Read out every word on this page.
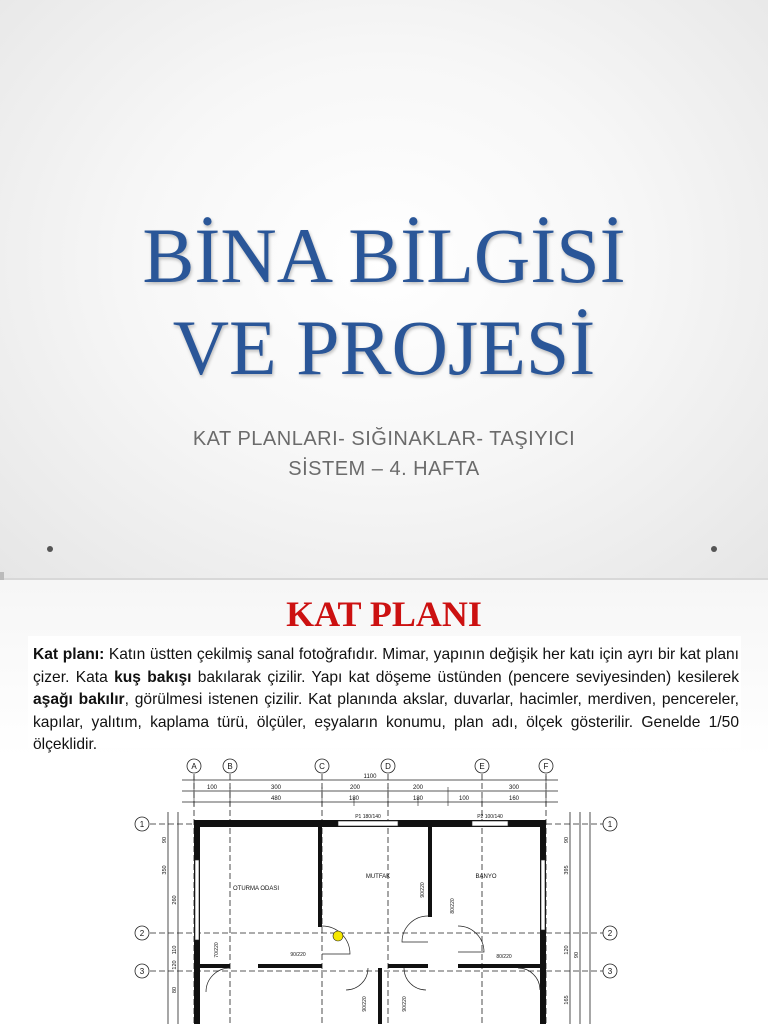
BİNA BİLGİSİ
VE PROJESİ
KAT PLANLARI- SIĞINAKLAR- TAŞIYICI
SİSTEM – 4. HAFTA
KAT PLANI
Kat planı: Katın üstten çekilmiş sanal fotoğrafıdır. Mimar, yapının değişik her katı için ayrı bir kat planı çizer. Kata kuş bakışı bakılarak çizilir. Yapı kat döşeme üstünden (pencere seviyesinden) kesilerek aşağı bakılır, görülmesi istenen çizilir. Kat planında akslar, duvarlar, hacimler, merdiven, pencereler, kapılar, yalıtım, kaplama türü, ölçüler, eşyaların konumu, plan adı, ölçek gösterilir. Genelde 1/50 ölçeklidir.
A	B	C	D	E	F
1	1
2	2
3	3
1100
100	300	200	200	300
480	180	180	100	160
P1 180/140	P2 100/140
OTURMA ODASI
MUTFAK	BANYO
90/220
90/220
80/220
90/220
70/220
90/220
80/220
90
350
260
110
120
80
395
90
120
165
90
